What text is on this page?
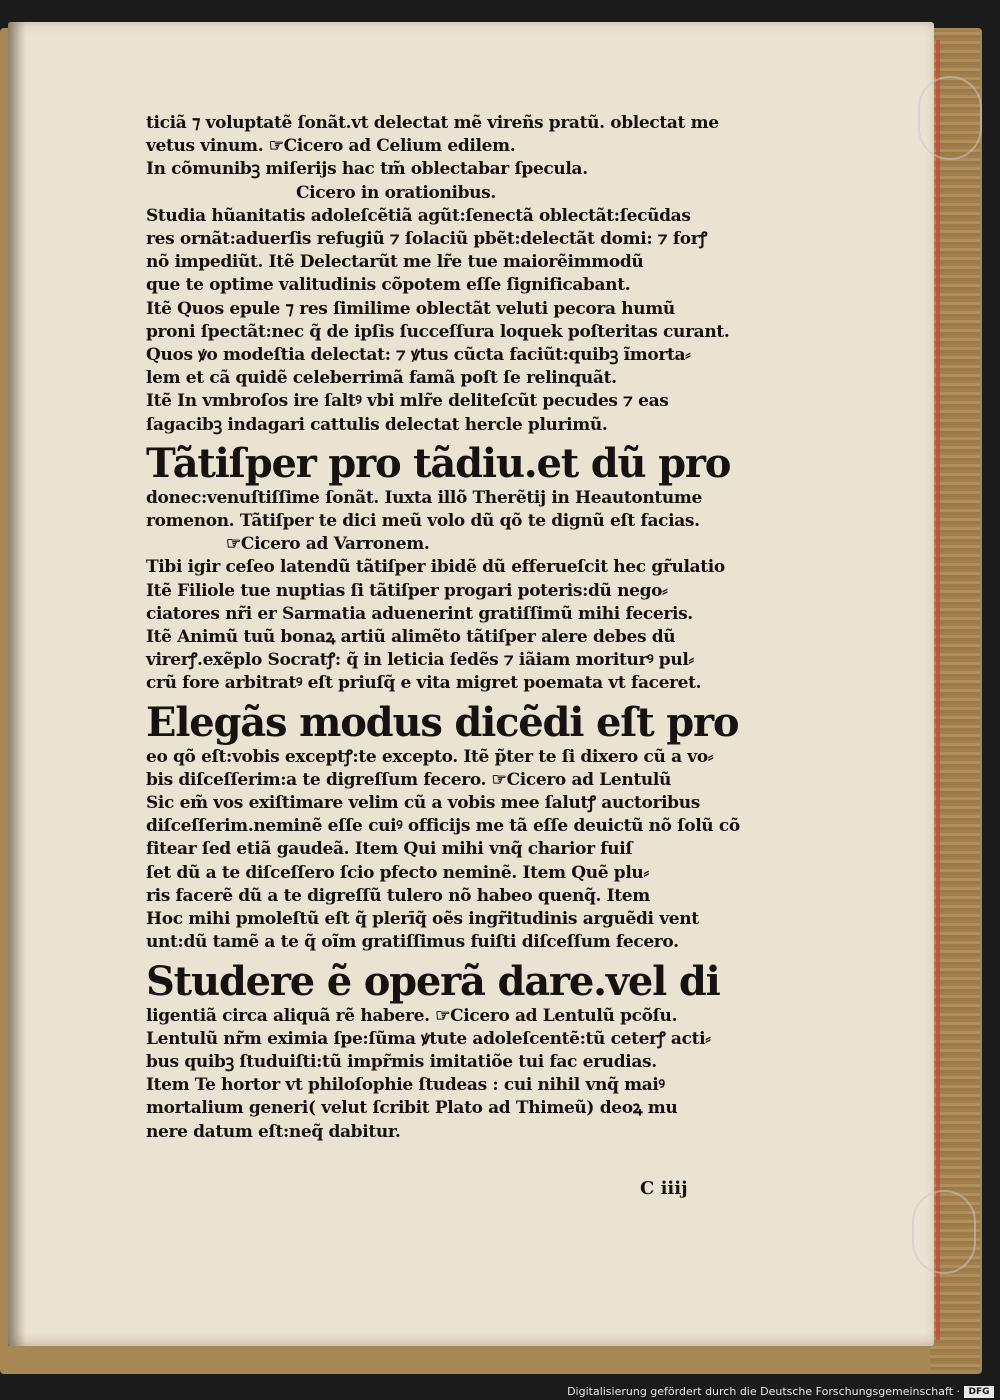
ticiã ⁊ voluptatẽ ſonãt.vt delectat mẽ vireñs pratũ. oblectat me
vetus vinum. ☞Cicero ad Celium edilem.
In cõmunibꝫ miſerijs hac tm̃ oblectabar ſpecula.
Cicero in orationibus.
Studia hũanitatis adoleſcẽtiã agũt:ſenectã oblectãt:ſecũdas
res ornãt:aduerſis refugiũ ⁊ ſolaciũ pbẽt:delectãt domi: ⁊ forꝭ
nõ impediũt. Itẽ Delectarũt me lr̃e tue maiorẽimmodũ
que te optime valitudinis cõpotem eſſe ſignificabant.
Itẽ Quos epule ⁊ res ſimilime oblectãt veluti pecora humũ
proni ſpectãt:nec q̃ de ipſis ſucceſſura loquek poſteritas curant.
Quos ꝟo modeſtia delectat: ⁊ ꝟtus cũcta faciũt:quibꝫ ĩmorta⸗
lem et cã quidẽ celeberrimã famã poſt ſe relinquãt.
Itẽ In vmbroſos ire ſaltꝰ vbi mlr̃e deliteſcũt pecudes ⁊ eas
ſagacibꝫ indagari cattulis delectat hercle plurimũ.
Tãtiſper pro tãdiu.et dũ pro
donec:venuſtiſſime ſonãt. Iuxta illõ Therẽtij in Heautontume
romenon. Tãtiſper te dici meũ volo dũ qõ te dignũ eſt facias.
☞Cicero ad Varronem.
Tibi igir ceſeo latendũ tãtiſper ibidẽ dũ efferueſcit hec gr̃ulatio
Itẽ Filiole tue nuptias ſi tãtiſper progari poteris:dũ nego⸗
ciatores nr̃i er Sarmatia aduenerint gratiſſimũ mihi feceris.
Itẽ Animũ tuũ bonaꝝ artiũ alimẽto tãtiſper alere debes dũ
virerꝭ.exẽplo Socratꝭ: q̃ in leticia ſedẽs ⁊ iãiam moriturꝰ pul⸗
crũ fore arbitratꝰ eſt priuſq̃ e vita migret poemata vt faceret.
Elegãs modus dicẽdi eſt pro
eo qõ eſt:vobis exceptꝭ:te excepto. Itẽ p̃ter te ſi dixero cũ a vo⸗
bis diſceſſerim:a te digreſſum fecero. ☞Cicero ad Lentulũ
Sic em̃ vos exiſtimare velim cũ a vobis mee ſalutꝭ auctoribus
diſceſſerim.neminẽ eſſe cuiꝰ officijs me tã eſſe deuictũ nõ ſolũ cõ
fitear ſed etiã gaudeã. Item Qui mihi vnq̃ charior fuiſ
ſet dũ a te diſceſſero ſcio pfecto neminẽ. Item Quẽ plu⸗
ris facerẽ dũ a te digreſſũ tulero nõ habeo quenq̃. Item
Hoc mihi pmoleſtũ eſt q̃ plerīq̃ oẽs ingr̃itudinis arguẽdi vent
unt:dũ tamẽ a te q̃ oĩm gratiſſimus fuiſti diſceſſum fecero.
Studere ẽ operã dare.vel di
ligentiã circa aliquã rẽ habere. ☞Cicero ad Lentulũ pcõſu.
Lentulũ nr̃m eximia ſpe:ſũma ꝟtute adoleſcentẽ:tũ ceterꝭ acti⸗
bus quibꝫ ſtuduiſti:tũ impr̃mis imitatiõe tui fac erudias.
Item Te hortor vt philoſophie ſtudeas : cui nihil vnq̃ maiꝰ
mortalium generi( velut ſcribit Plato ad Thimeũ) deoꝝ mu
nere datum eſt:neq̃ dabitur.
C iiij
Digitalisierung gefördert durch die Deutsche Forschungsgemeinschaft · DFG
